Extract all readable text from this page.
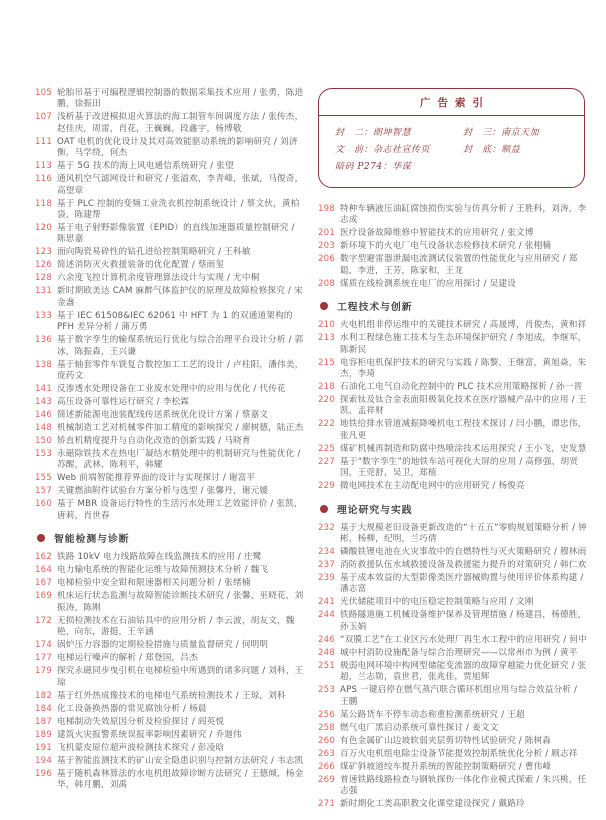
105 轮胎吊基于可编程逻辑控制器的数据采集技术应用 / 张勇，陈进鹏，徐振田
107 浅析基于改进模拟退火算法的海工制管车间调度方法 / 张传杰，赵佳庆，周雷，肖花，王巍巍，段鑫宇，杨博敬
111 OAT 电机的优化设计及其对高效能驱动系统的影响研究 / 刘济衡，马学绕，何杰
113 基于 5G 技术的海上风电通信系统研究 / 张望
116 通风机空气滤网设计和研究 / 张溢欢，李青峰，张斌，马俊奇，高望章
118 基于 PLC 控制的变频工业洗衣机控制系统设计 / 蔡文伙，黄柏袋，陈建帮
120 基于电子射野影像装置（EPID）的直线加速器质量控制研究 / 陈思嘉
123 面向陶瓷易碎性的钻孔进给控制策略研究 / 王科敏
126 简述消防灭火救援装备的优化配置 / 蔡雨玺
128 六余度飞控计算机余度管理算法设计与实现 / 尤中桐
131 新时期欧美达 CAM 麻醉气体监护仪的原理及故障检修探究 / 宋金盏
133 基于 IEC 61508&IEC 62061 中 HFT 为 1 的双通道架构的 PFH 差异分析 / 蒲万勇
136 基于数字孪生的输煤系统运行优化与综合治理平台设计分析 / 郭冰，陈振森，王兴谦
138 基于轴套零件车铣复合数控加工工艺的设计 / 卢柱阳，潘伟美，庞药文
141 反渗透水处理设备在工业废水处理中的应用与优化 / 代传花
143 高压设备可靠性运行研究 / 李松霖
146 简述新能源电池装配线传送系统优化设计方案 / 蔡嘉文
148 机械制造工艺对机械零件加工精度的影响探究 / 廖树德，陆正杰
150 矫直机精度提升与自动化改造的创新实践 / 马晓育
153 永磁除铁技术在热电厂凝结水精处理中的机制研究与性能优化 / 苏醒，武林，陈利平，韩耀
155 Web 前端智能推荐界面的设计与实现探讨 / 谢富平
157 关键燃油附件试验台方案分析与选型 / 张馨丹，谢元媛
160 基于 MBR 设备运行特性的生活污水处理工艺效能评价 / 张凯，唐莉，肖世春
智能检测与诊断
162 铁路 10kV 电力线路故障在线监测技术的应用 / 庄鹭
164 电力输电系统的智能化运维与故障预测技术分析 / 魏飞
167 电梯检验中安全钳和限速器相关问题分析 / 张绪楠
169 机床运行状态监测与故障智能诊断技术研究 / 张馨，巫晓花，刘振涛，陈刚
172 无损检测技术在石油钻具中的应用分析 / 李云波，胡友文，魏艳，向东，游挺，王辛涵
174 锅炉压力容器的定期检验措施与质量监督研究 / 何明明
177 电梯运行噪声的解析 / 郑登国，吕杰
179 探究永磁同步曳引机在电梯检验中所遇到的诸多问题 / 刘科，王琼
182 基于红外热成像技术的电梯电气系统检测技术 / 王琼，刘科
184 化工设备换热器的常见腐蚀分析 / 杨晨
187 电梯制动失效原因分析及检验探讨 / 阎英悦
189 建筑火灾报警系统误报率影响因素研究 / 乔迦伟
191 飞机蒙皮原位超声波检测技术探究 / 彭凌晗
194 基于智能监测技术的矿山安全隐患识别与控制方法研究 / 韦志凯
196 基于随机森林算法的水电机组故障诊断方法研究 / 王德倾，杨金华，韩月鹏，刘禹
广告索引
封　二：朗坤智慧	封　三：南京天加
文　前：杂志社宣传页	封　底：顺益
暗码 P274：华谋
198 特种车辆液压油缸腐蚀损伤实验与仿真分析 / 王胜科，刘涛，李志成
201 医疗设备故障维修中智能技术的应用研究 / 张文博
203 新环境下的火电厂电气设备状态检修技术研究 / 张栩楠
206 数字型避雷器泄漏电流测试仪装置的性能优化与应用研究 / 郑聪，李进，王芳，陈家和，王龙
208 煤质在线检测系统在电厂的应用探讨 / 吴建设
工程技术与创新
210 火电机组非停运维中的关键技术研究 / 高晟博，肖俊杰，黄和祥
213 水利工程绿色施工技术与生态环境保护研究 / 李旭成，李继军，陈新民
215 电容柜电机保护技术的研究与实践 / 陈黎，王继富，黄旭焱，朱杰，李琦
218 石油化工电气自动化控制中的 PLC 技术应用策略探析 / 孙一晋
220 探索钛及钛合金表面阳极氧化技术在医疗器械产品中的应用 / 王凯，孟祥财
222 地铁给排水管道减振降噪机电工程技术探讨 / 闫小鹏，谭忠伟，张凡更
225 煤矿机械再制造和防腐中热喷涂技术运用探究 / 王小飞，史发慧
227 基于“数字孪生”的地铁车站可视化大屏的应用 / 高修强，胡贤国，王莞舒，吴卫，郑植
229 微电网技术在主动配电网中的应用研究 / 杨俊亮
理论研究与实践
232 基于大规模老旧设备更新改造的“十五五”零购规划策略分析 / 钟彬，杨柳，纪明，兰巧倩
234 磷酸铁锂电池在火灾事故中的自燃特性与灭火策略研究 / 穆林雨
237 消防救援队伍水域救援设备及救援能力提升的对策研究 / 韩仁欢
239 基于成本效益的大型影像类医疗器械购置与使用评价体系构建 / 潘志富
241 光伏储能项目中的电压稳定控制策略与应用 / 文刚
244 铁路隧道施工机械设备维护保养及管理措施 / 杨建昌，杨德胜，孙玉娟
246 “双膜工艺”在工业区污水处理厂再生水工程中的应用研究 / 何中
248 城中村消防设施配备与综合治理研究——以常州市为例 / 黄平
251 极弱电网环境中构网型储能变流器的故障穿越能力优化研究 / 张超，兰志勋，袁世君，张兆佳，贾旭辉
253 APS 一键启停在燃气蒸汽联合循环机组应用与综合效益分析 / 王鹏
256 某公路货车不停车动态称重检测系统研究 / 王超
258 燃气电厂黑启动系统可靠性探讨 / 姜文文
260 有色金属矿山边坡软弱夹层剪切特性试验研究 / 陈树淼
263 百万火电机组电除尘设备节能提效控制系统优化分析 / 顾志祥
266 煤矿斜坡道绞车提升系统的智能控制策略研究 / 曹伟峰
269 普速铁路线路检查与钢轨探伤一体化作业模式探索 / 朱兴桃，任志强
271 新时期化工类高职教文化课堂建设探究 / 戴路玲
